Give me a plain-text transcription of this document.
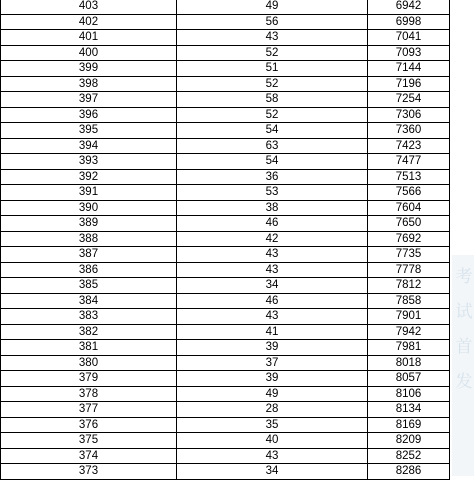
403	49	6942
402	56	6998
401	43	7041
400	52	7093
399	51	7144
398	52	7196
397	58	7254
396	52	7306
395	54	7360
394	63	7423
393	54	7477
392	36	7513
391	53	7566
390	38	7604
389	46	7650
388	42	7692
387	43	7735
386	43	7778
385	34	7812
384	46	7858
383	43	7901
382	41	7942
381	39	7981
380	37	8018
379	39	8057
378	49	8106
377	28	8134
376	35	8169
375	40	8209
374	43	8252
373	34	8286
考
试
首
发
